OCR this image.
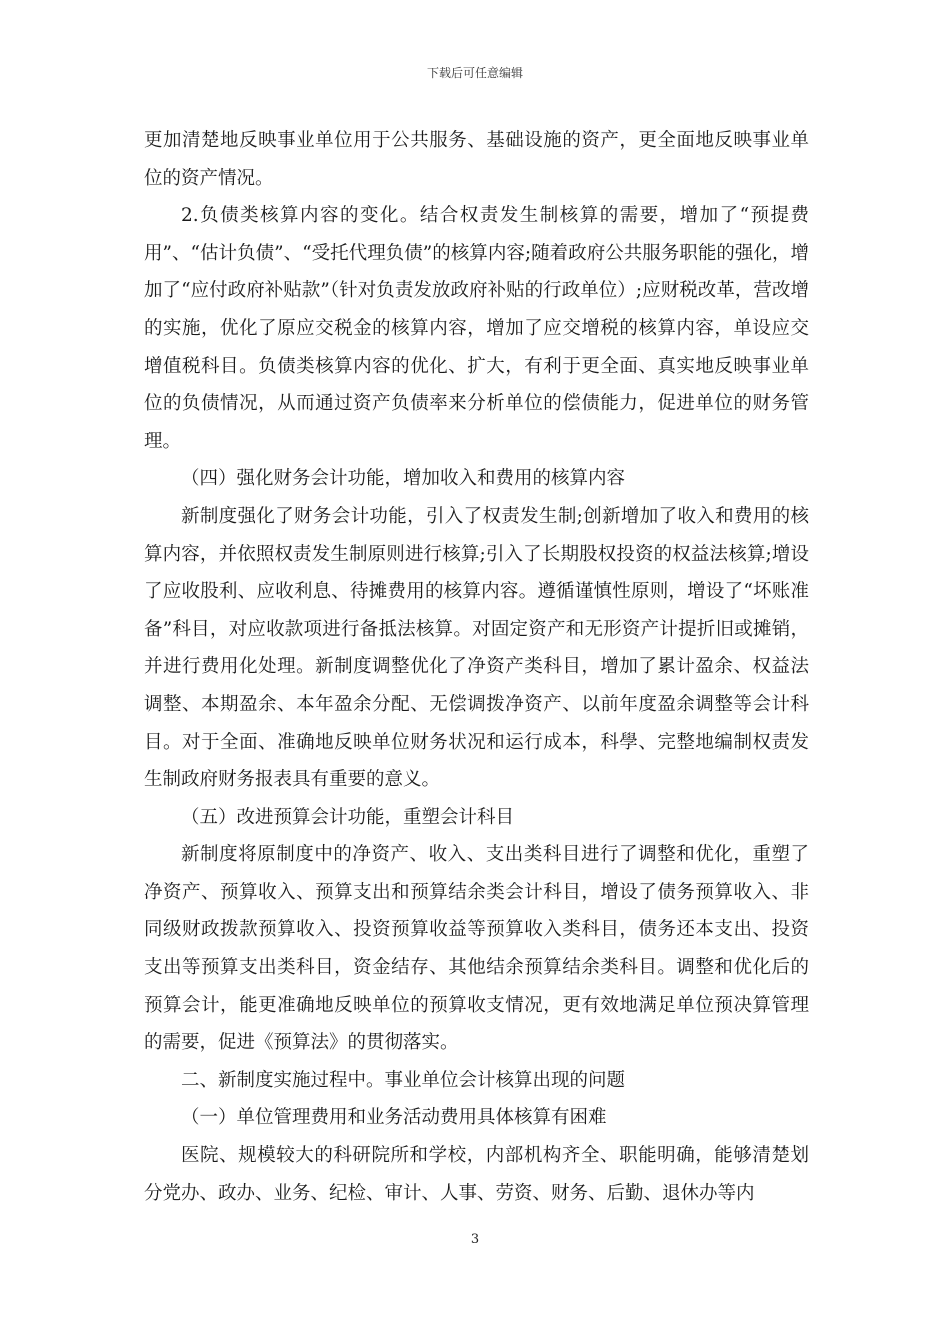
下载后可任意编辑

更加清楚地反映事业单位用于公共服务、基础设施的资产，更全面地反映事业单位的资产情况。

2.负债类核算内容的变化。结合权责发生制核算的需要，增加了“预提费用”、“估计负债”、“受托代理负债”的核算内容;随着政府公共服务职能的强化，增加了“应付政府补贴款”（针对负责发放政府补贴的行政单位）;应财税改革，营改增的实施，优化了原应交税金的核算内容，增加了应交增税的核算内容，单设应交增值税科目。负债类核算内容的优化、扩大，有利于更全面、真实地反映事业单位的负债情况，从而通过资产负债率来分析单位的偿债能力，促进单位的财务管理。

（四）强化财务会计功能，增加收入和费用的核算内容

新制度强化了财务会计功能，引入了权责发生制;创新增加了收入和费用的核算内容，并依照权责发生制原则进行核算;引入了长期股权投资的权益法核算;增设了应收股利、应收利息、待摊费用的核算内容。遵循谨慎性原则，增设了“坏账准备”科目，对应收款项进行备抵法核算。对固定资产和无形资产计提折旧或摊销，并进行费用化处理。新制度调整优化了净资产类科目，增加了累计盈余、权益法调整、本期盈余、本年盈余分配、无偿调拨净资产、以前年度盈余调整等会计科目。对于全面、准确地反映单位财务状况和运行成本，科學、完整地编制权责发生制政府财务报表具有重要的意义。

（五）改进预算会计功能，重塑会计科目

新制度将原制度中的净资产、收入、支出类科目进行了调整和优化，重塑了净资产、预算收入、预算支出和预算结余类会计科目，增设了债务预算收入、非同级财政拨款预算收入、投资预算收益等预算收入类科目，债务还本支出、投资支出等预算支出类科目，资金结存、其他结余预算结余类科目。调整和优化后的预算会计，能更准确地反映单位的预算收支情况，更有效地满足单位预决算管理的需要，促进《预算法》的贯彻落实。

二、新制度实施过程中。事业单位会计核算出现的问题

（一）单位管理费用和业务活动费用具体核算有困难

医院、规模较大的科研院所和学校，内部机构齐全、职能明确，能够清楚划分党办、政办、业务、纪检、审计、人事、劳资、财务、后勤、退休办等内

3
